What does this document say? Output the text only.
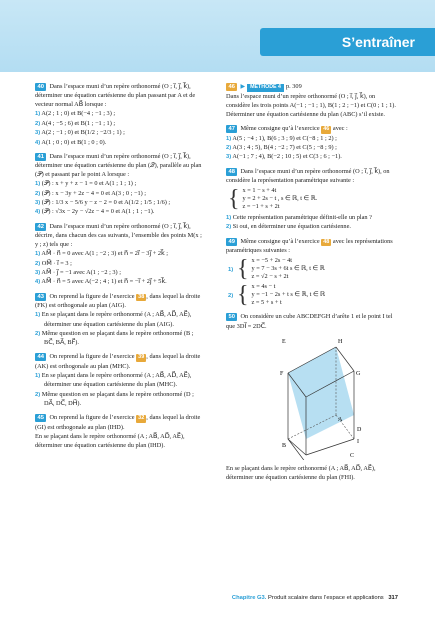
S’entraîner
40 Dans l’espace muni d’un repère orthonormé (O ; i⃗, j⃗, k⃗), déterminer une équation cartésienne du plan passant par A et de vecteur normal AB⃗ lorsque :
1) A(2 ; 1 ; 0) et B(−4 ; −1 ; 3) ;
2) A(4 ; −5 ; 6) et B(1 ; −1 ; 1) ;
3) A(2 ; −1 ; 0) et B(1/2 ; −2/3 ; 1) ;
4) A(1 ; 0 ; 0) et B(1 ; 0 ; 0).
41 Dans l’espace muni d’un repère orthonormé (O ; i⃗, j⃗, k⃗), déterminer une équation cartésienne du plan (𝒬), parallèle au plan (𝒫) et passant par le point A lorsque :
1) (𝒫) : x + y + z − 1 = 0 et A(1 ; 1 ; 1) ;
2) (𝒫) : x − 3y + 2z − 4 = 0 et A(3 ; 0 ; −1) ;
3) (𝒫) : 1/3 x − 5/6 y − z − 2 = 0 et A(1/2 ; 1/5 ; 1/6) ;
4) (𝒫) : √3x − 2y − √2z − 4 = 0 et A(1 ; 1 ; −1).
42 Dans l’espace muni d’un repère orthonormé (O ; i⃗, j⃗, k⃗), décrire, dans chacun des cas suivants, l’ensemble des points M(x ; y ; z) tels que :
1) AM⃗ · n⃗ = 0 avec A(1 ; −2 ; 3) et n⃗ = 2i⃗ − 3j⃗ + 2k⃗ ;
2) OM⃗ · i⃗ = 3 ;
3) AM⃗ · j⃗ = −1 avec A(1 ; −2 ; 3) ;
4) AM⃗ · n⃗ = 5 avec A(−2 ; 4 ; 1) et n⃗ = −i⃗ + 2j⃗ + 5k⃗.
43 On reprend la figure de l’exercice 38 , dans lequel la droite (FK) est orthogonale au plan (AIG).
1) En se plaçant dans le repère orthonormé (A ; AB⃗, AD⃗, AE⃗), déterminer une équation cartésienne du plan (AIG).
2) Même question en se plaçant dans le repère orthonormé (B ; BC⃗, BA⃗, BF⃗).
44 On reprend la figure de l’exercice 39 , dans lequel la droite (AK) est orthogonale au plan (MHC).
1) En se plaçant dans le repère orthonormé (A ; AB⃗, AD⃗, AE⃗), déterminer une équation cartésienne du plan (MHC).
2) Même question en se plaçant dans le repère orthonormé (D ; DA⃗, DC⃗, DH⃗).
45 On reprend la figure de l’exercice 32 , dans lequel la droite (GI) est orthogonale au plan (IHD).
En se plaçant dans le repère orthonormé (A ; AB⃗, AD⃗, AE⃗), déterminer une équation cartésienne du plan (IHD).
46 ▶ MÉTHODE 4 p. 309
Dans l’espace muni d’un repère orthonormé (O ; i⃗, j⃗, k⃗), on considère les trois points A(−1 ; −1 ; 1), B(1 ; 2 ; −1) et C(0 ; 1 ; 1).
Déterminer une équation cartésienne du plan (ABC) s’il existe.
47 Même consigne qu’à l’exercice 46 avec :
1) A(5 ; −4 ; 1), B(6 ; 3 ; 9) et C(−8 ; 1 ; 2) ;
2) A(3 ; 4 ; 5), B(4 ; −2 ; 7) et C(5 ; −8 ; 9) ;
3) A(−1 ; 7 ; 4), B(−2 ; 10 ; 5) et C(3 ; 6 ; −1).
48 Dans l’espace muni d’un repère orthonormé (O ; i⃗, j⃗, k⃗), on considère la représentation paramétrique suivante :
{ x = 1 − s + 4t
y = 2 + 2s − t , s ∈ ℝ, t ∈ ℝ.
z = −1 + s + 2t
1) Cette représentation paramétrique définit-elle un plan ?
2) Si oui, en déterminer une équation cartésienne.
49 Même consigne qu’à l’exercice 48 avec les représentations paramétriques suivantes :
1) { x = −5 + 2s − 4t
y = 7 − 3s + 6t s ∈ ℝ, t ∈ ℝ
z = √2 − s + 2t
2) { x = 4s − t
y = −1 − 2s + t s ∈ ℝ, t ∈ ℝ
z = 5 + s + t
50 On considère un cube ABCDEFGH d’arête 1 et le point I tel que 3DI⃗ = 2DC⃗.
E	H
F	G
A
D
I
B
C
En se plaçant dans le repère orthonormé (A ; AB⃗, AD⃗, AE⃗), déterminer une équation cartésienne du plan (FHI).
Chapitre G3. Produit scalaire dans l’espace et applications 317
